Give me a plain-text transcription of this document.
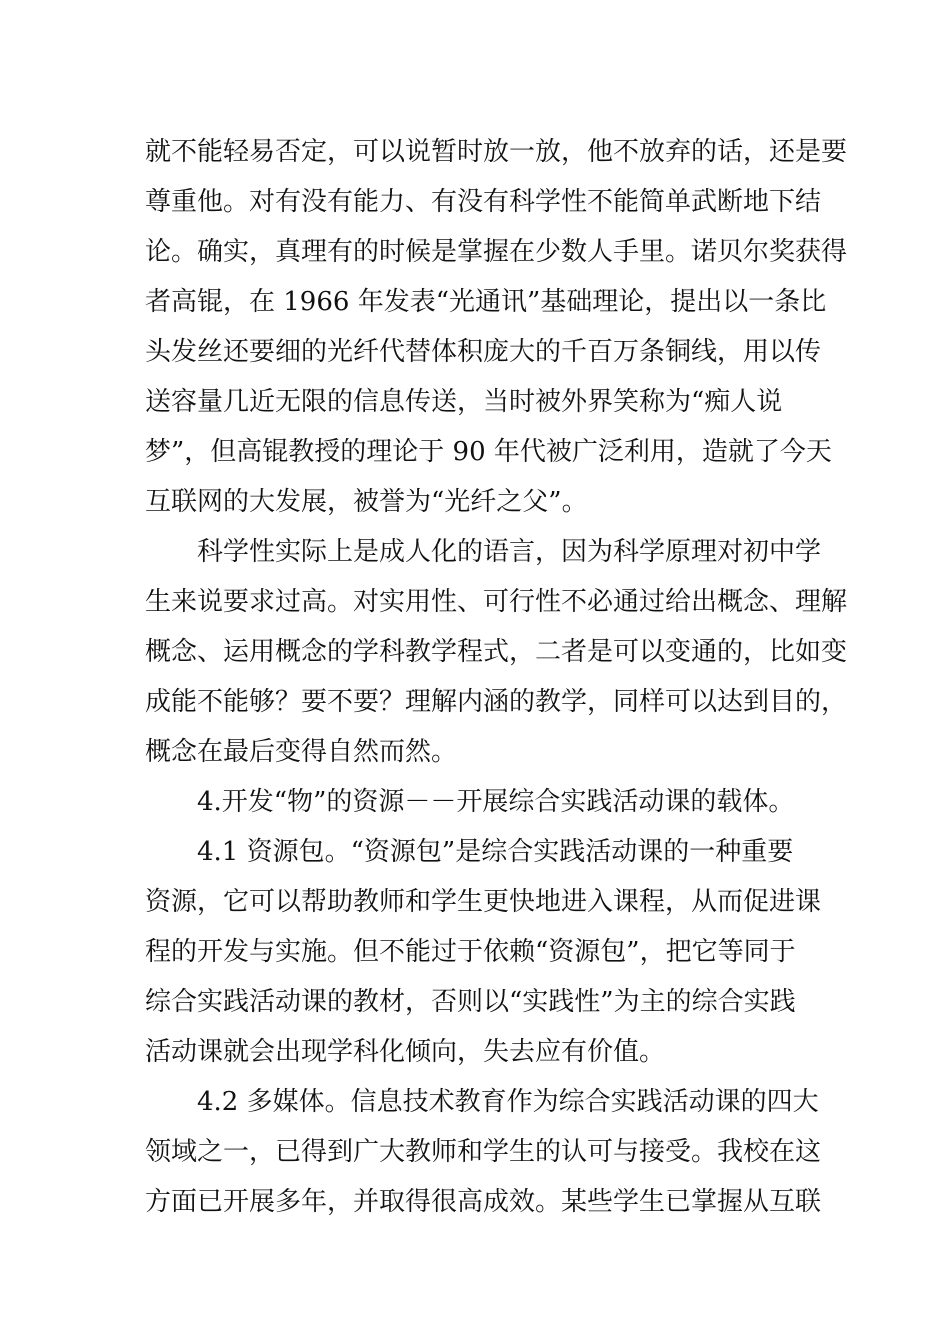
就不能轻易否定，可以说暂时放一放，他不放弃的话，还是要
尊重他。对有没有能力、有没有科学性不能简单武断地下结
论。确实，真理有的时候是掌握在少数人手里。诺贝尔奖获得
者高锟，在 1966 年发表“光通讯”基础理论，提出以一条比
头发丝还要细的光纤代替体积庞大的千百万条铜线，用以传
送容量几近无限的信息传送，当时被外界笑称为“痴人说
梦”，但高锟教授的理论于 90 年代被广泛利用，造就了今天
互联网的大发展，被誉为“光纤之父”。
科学性实际上是成人化的语言，因为科学原理对初中学
生来说要求过高。对实用性、可行性不必通过给出概念、理解
概念、运用概念的学科教学程式，二者是可以变通的，比如变
成能不能够？要不要？理解内涵的教学，同样可以达到目的，
概念在最后变得自然而然。
4.开发“物”的资源－－开展综合实践活动课的载体。
4.1 资源包。“资源包”是综合实践活动课的一种重要
资源，它可以帮助教师和学生更快地进入课程，从而促进课
程的开发与实施。但不能过于依赖“资源包”，把它等同于
综合实践活动课的教材，否则以“实践性”为主的综合实践
活动课就会出现学科化倾向，失去应有价值。
4.2 多媒体。信息技术教育作为综合实践活动课的四大
领域之一，已得到广大教师和学生的认可与接受。我校在这
方面已开展多年，并取得很高成效。某些学生已掌握从互联
